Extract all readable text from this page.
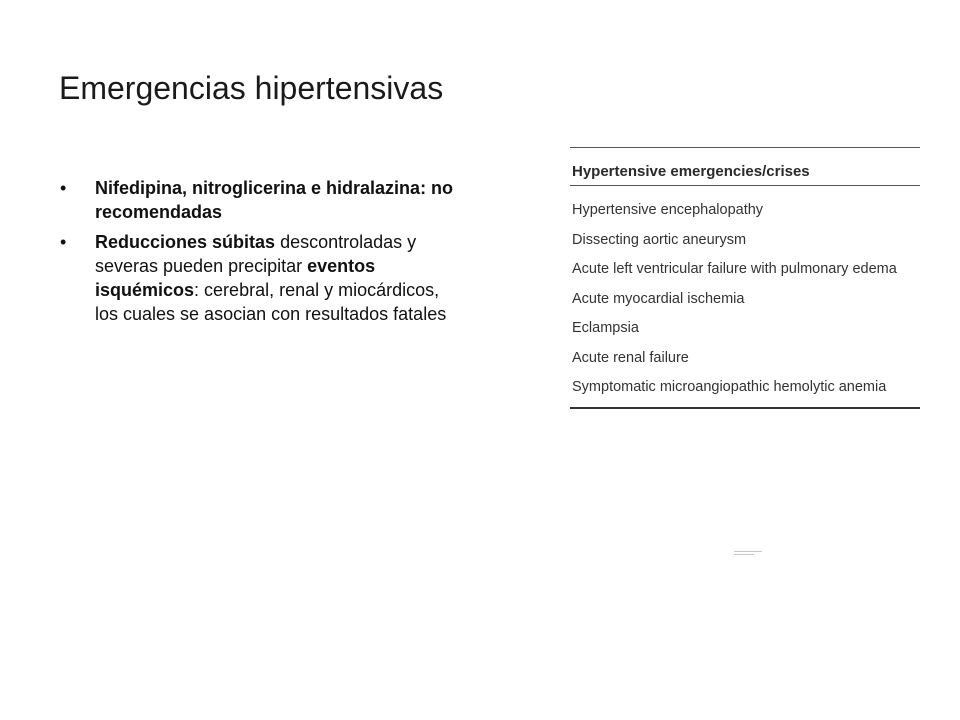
Emergencias hipertensivas
• Nifedipina, nitroglicerina e hidralazina: no recomendadas
• Reducciones súbitas descontroladas y severas pueden precipitar eventos isquémicos: cerebral, renal y miocárdicos, los cuales se asocian con resultados fatales
Hypertensive emergencies/crises
Hypertensive encephalopathy
Dissecting aortic aneurysm
Acute left ventricular failure with pulmonary edema
Acute myocardial ischemia
Eclampsia
Acute renal failure
Symptomatic microangiopathic hemolytic anemia
